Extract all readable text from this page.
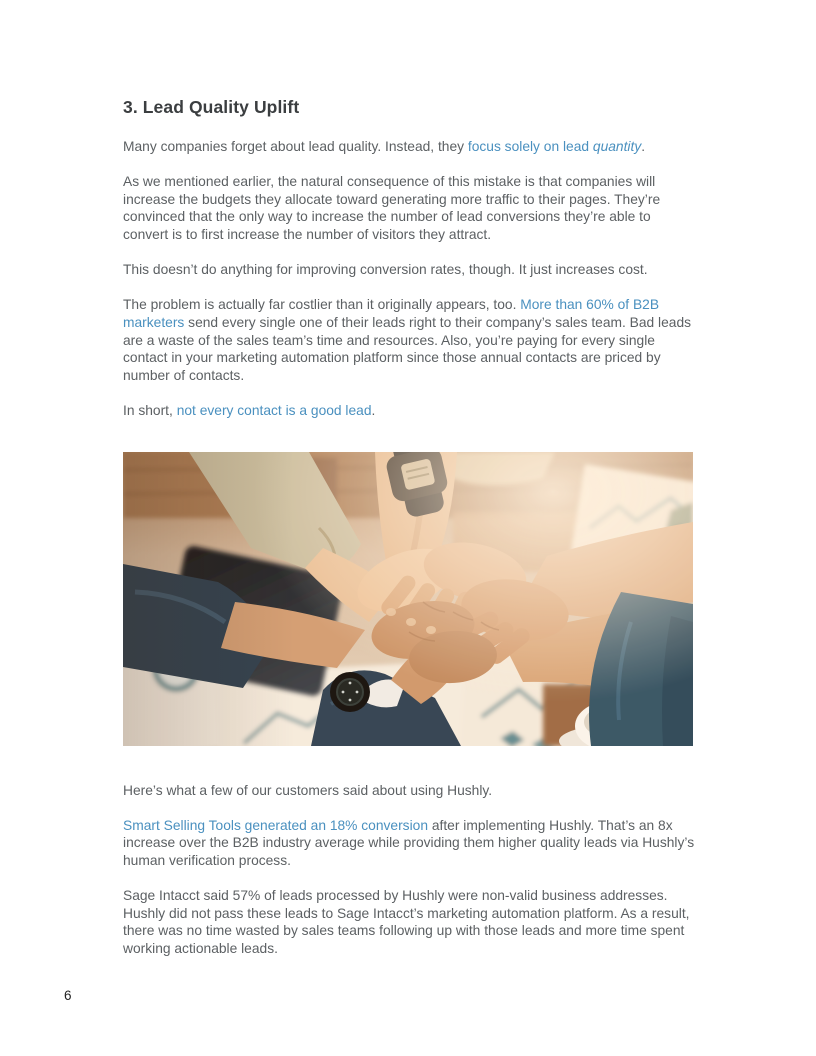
3. Lead Quality Uplift

Many companies forget about lead quality. Instead, they focus solely on lead quantity.

As we mentioned earlier, the natural consequence of this mistake is that companies will increase the budgets they allocate toward generating more traffic to their pages. They’re convinced that the only way to increase the number of lead conversions they’re able to convert is to first increase the number of visitors they attract.

This doesn’t do anything for improving conversion rates, though. It just increases cost.

The problem is actually far costlier than it originally appears, too. More than 60% of B2B marketers send every single one of their leads right to their company’s sales team. Bad leads are a waste of the sales team’s time and resources. Also, you’re paying for every single contact in your marketing automation platform since those annual contacts are priced by number of contacts.

In short, not every contact is a good lead.

Here’s what a few of our customers said about using Hushly.

Smart Selling Tools generated an 18% conversion after implementing Hushly. That’s an 8x increase over the B2B industry average while providing them higher quality leads via Hushly’s human verification process.

Sage Intacct said 57% of leads processed by Hushly were non-valid business addresses. Hushly did not pass these leads to Sage Intacct’s marketing automation platform. As a result, there was no time wasted by sales teams following up with those leads and more time spent working actionable leads.

6
